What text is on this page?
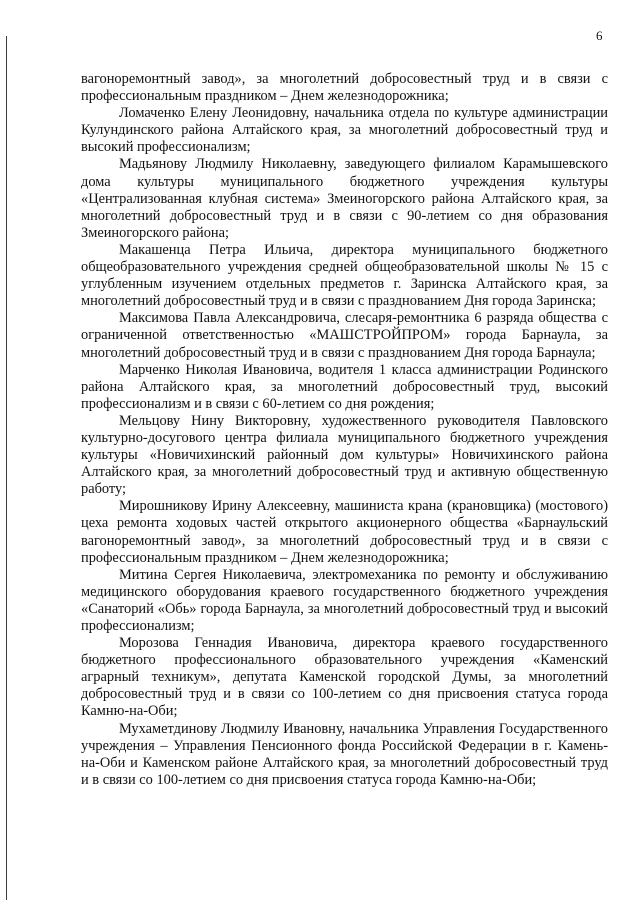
6

вагоноремонтный завод», за многолетний добросовестный труд и в связи с профессиональным праздником – Днем железнодорожника;

Ломаченко Елену Леонидовну, начальника отдела по культуре администрации Кулундинского района Алтайского края, за многолетний добросовестный труд и высокий профессионализм;

Мадьянову Людмилу Николаевну, заведующего филиалом Карамышевского дома культуры муниципального бюджетного учреждения культуры «Централизованная клубная система» Змеиногорского района Алтайского края, за многолетний добросовестный труд и в связи с 90-летием со дня образования Змеиногорского района;

Макашенца Петра Ильича, директора муниципального бюджетного общеобразовательного учреждения средней общеобразовательной школы № 15 с углубленным изучением отдельных предметов г. Заринска Алтайского края, за многолетний добросовестный труд и в связи с празднованием Дня города Заринска;

Максимова Павла Александровича, слесаря-ремонтника 6 разряда общества с ограниченной ответственностью «МАШСТРОЙПРОМ» города Барнаула, за многолетний добросовестный труд и в связи с празднованием Дня города Барнаула;

Марченко Николая Ивановича, водителя 1 класса администрации Родинского района Алтайского края, за многолетний добросовестный труд, высокий профессионализм и в связи с 60-летием со дня рождения;

Мельцову Нину Викторовну, художественного руководителя Павловского культурно-досугового центра филиала муниципального бюджетного учреждения культуры «Новичихинский районный дом культуры» Новичихинского района Алтайского края, за многолетний добросовестный труд и активную общественную работу;

Мирошникову Ирину Алексеевну, машиниста крана (крановщика) (мостового) цеха ремонта ходовых частей открытого акционерного общества «Барнаульский вагоноремонтный завод», за многолетний добросовестный труд и в связи с профессиональным праздником – Днем железнодорожника;

Митина Сергея Николаевича, электромеханика по ремонту и обслуживанию медицинского оборудования краевого государственного бюджетного учреждения «Санаторий «Обь» города Барнаула, за многолетний добросовестный труд и высокий профессионализм;

Морозова Геннадия Ивановича, директора краевого государственного бюджетного профессионального образовательного учреждения «Каменский аграрный техникум», депутата Каменской городской Думы, за многолетний добросовестный труд и в связи со 100-летием со дня присвоения статуса города Камню-на-Оби;

Мухаметдинову Людмилу Ивановну, начальника Управления Государственного учреждения – Управления Пенсионного фонда Российской Федерации в г. Камень-на-Оби и Каменском районе Алтайского края, за многолетний добросовестный труд и в связи со 100-летием со дня присвоения статуса города Камню-на-Оби;
